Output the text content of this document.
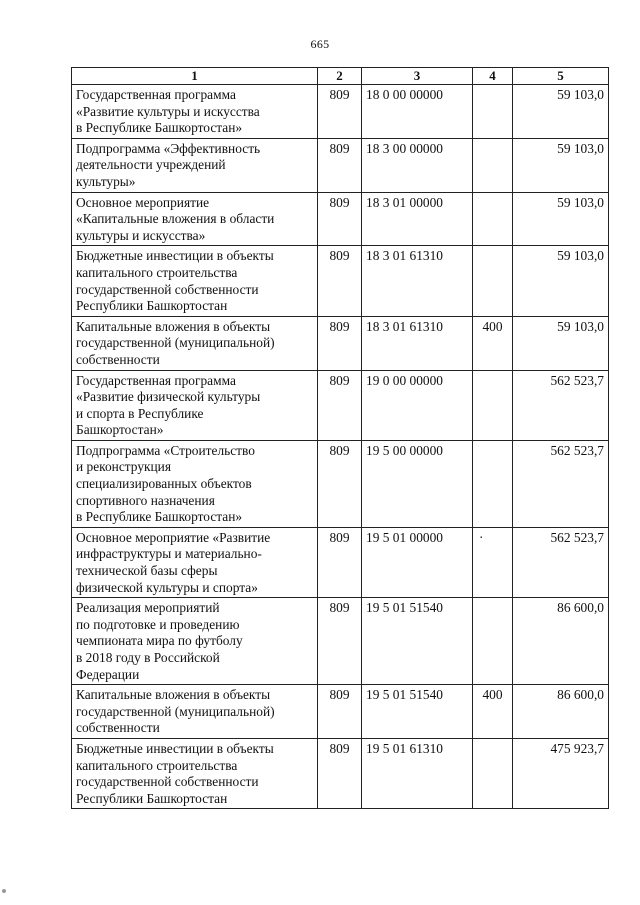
665
1	2	3	4	5

Государственная программа
«Развитие культуры и искусства
в Республике Башкортостан»	809	18 0 00 00000		59 103,0

Подпрограмма «Эффективность
деятельности учреждений
культуры»	809	18 3 00 00000		59 103,0

Основное мероприятие
«Капитальные вложения в области
культуры и искусства»	809	18 3 01 00000		59 103,0

Бюджетные инвестиции в объекты
капитального строительства
государственной собственности
Республики Башкортостан	809	18 3 01 61310		59 103,0

Капитальные вложения в объекты
государственной (муниципальной)
собственности	809	18 3 01 61310	400	59 103,0

Государственная программа
«Развитие физической культуры
и спорта в Республике
Башкортостан»	809	19 0 00 00000		562 523,7

Подпрограмма «Строительство
и реконструкция
специализированных объектов
спортивного назначения
в Республике Башкортостан»	809	19 5 00 00000		562 523,7

Основное мероприятие «Развитие
инфраструктуры и материально-
технической базы сферы
физической культуры и спорта»	809	19 5 01 00000	·	562 523,7

Реализация мероприятий
по подготовке и проведению
чемпионата мира по футболу
в 2018 году в Российской
Федерации	809	19 5 01 51540		86 600,0

Капитальные вложения в объекты
государственной (муниципальной)
собственности	809	19 5 01 51540	400	86 600,0

Бюджетные инвестиции в объекты
капитального строительства
государственной собственности
Республики Башкортостан	809	19 5 01 61310		475 923,7
